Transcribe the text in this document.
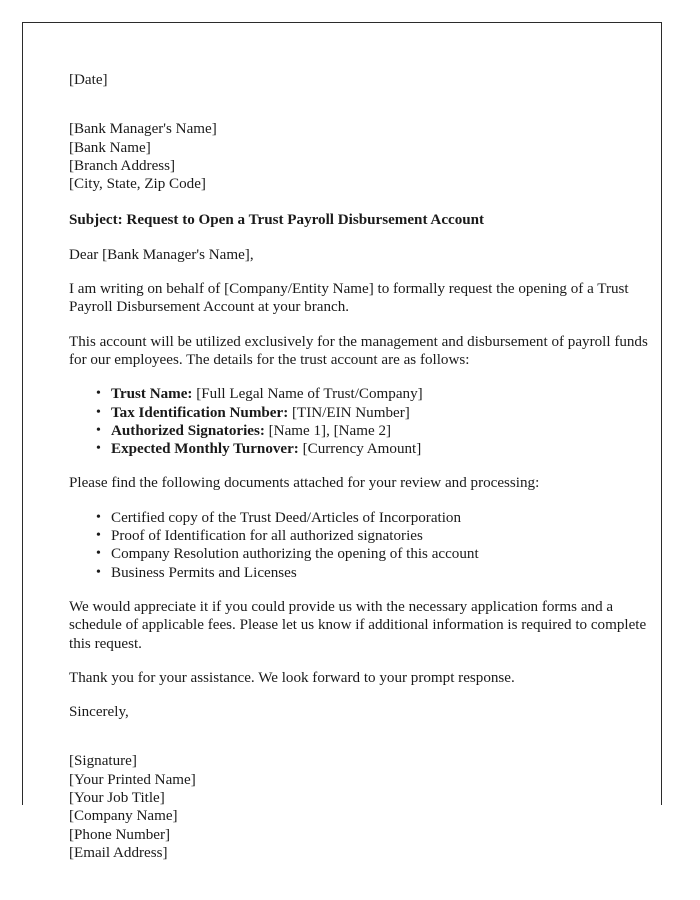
[Date]
[Bank Manager's Name]
[Bank Name]
[Branch Address]
[City, State, Zip Code]

Subject: Request to Open a Trust Payroll Disbursement Account

Dear [Bank Manager's Name],

I am writing on behalf of [Company/Entity Name] to formally request the opening of a Trust Payroll Disbursement Account at your branch.

This account will be utilized exclusively for the management and disbursement of payroll funds for our employees. The details for the trust account are as follows:

• Trust Name: [Full Legal Name of Trust/Company]
• Tax Identification Number: [TIN/EIN Number]
• Authorized Signatories: [Name 1], [Name 2]
• Expected Monthly Turnover: [Currency Amount]

Please find the following documents attached for your review and processing:

• Certified copy of the Trust Deed/Articles of Incorporation
• Proof of Identification for all authorized signatories
• Company Resolution authorizing the opening of this account
• Business Permits and Licenses

We would appreciate it if you could provide us with the necessary application forms and a schedule of applicable fees. Please let us know if additional information is required to complete this request.

Thank you for your assistance. We look forward to your prompt response.

Sincerely,

[Signature]
[Your Printed Name]
[Your Job Title]
[Company Name]
[Phone Number]
[Email Address]
